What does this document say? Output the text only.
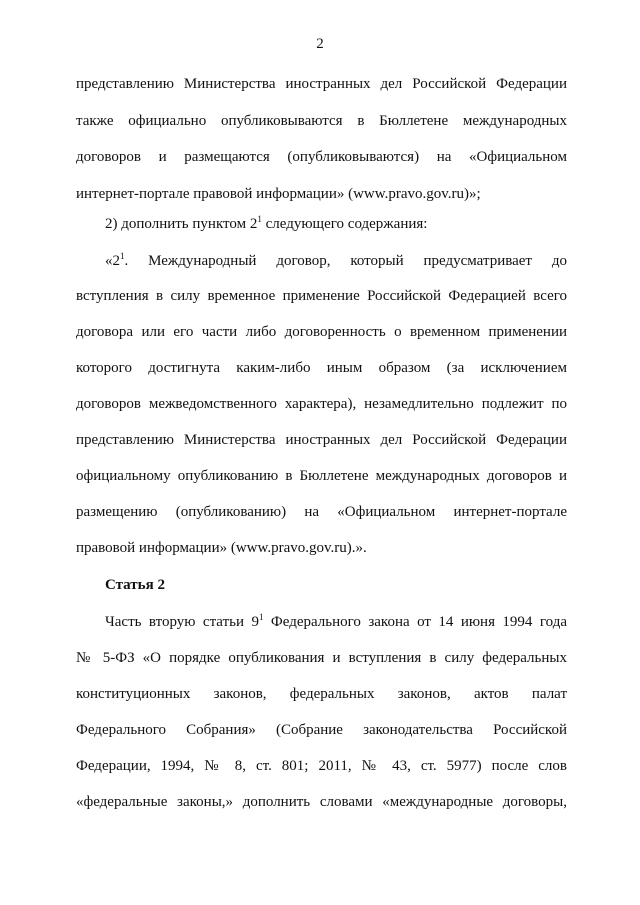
2
представлению Министерства иностранных дел Российской Федерации
также официально опубликовываются в Бюллетене международных
договоров и размещаются (опубликовываются) на «Официальном
интернет-портале правовой информации» (www.pravo.gov.ru)»;
2) дополнить пунктом $2^1$ следующего содержания:
«$2^1$. Международный договор, который предусматривает до
вступления в силу временное применение Российской Федерацией всего
договора или его части либо договоренность о временном применении
которого достигнута каким-либо иным образом (за исключением
договоров межведомственного характера), незамедлительно подлежит по
представлению Министерства иностранных дел Российской Федерации
официальному опубликованию в Бюллетене международных договоров и
размещению (опубликованию) на «Официальном интернет-портале
правовой информации» (www.pravo.gov.ru).».
Статья 2
Часть вторую статьи $9^1$ Федерального закона от 14 июня 1994 года
№ 5-ФЗ «О порядке опубликования и вступления в силу федеральных
конституционных законов, федеральных законов, актов палат
Федерального Собрания» (Собрание законодательства Российской
Федерации, 1994, № 8, ст. 801; 2011, № 43, ст. 5977) после слов
«федеральные законы,» дополнить словами «международные договоры,
